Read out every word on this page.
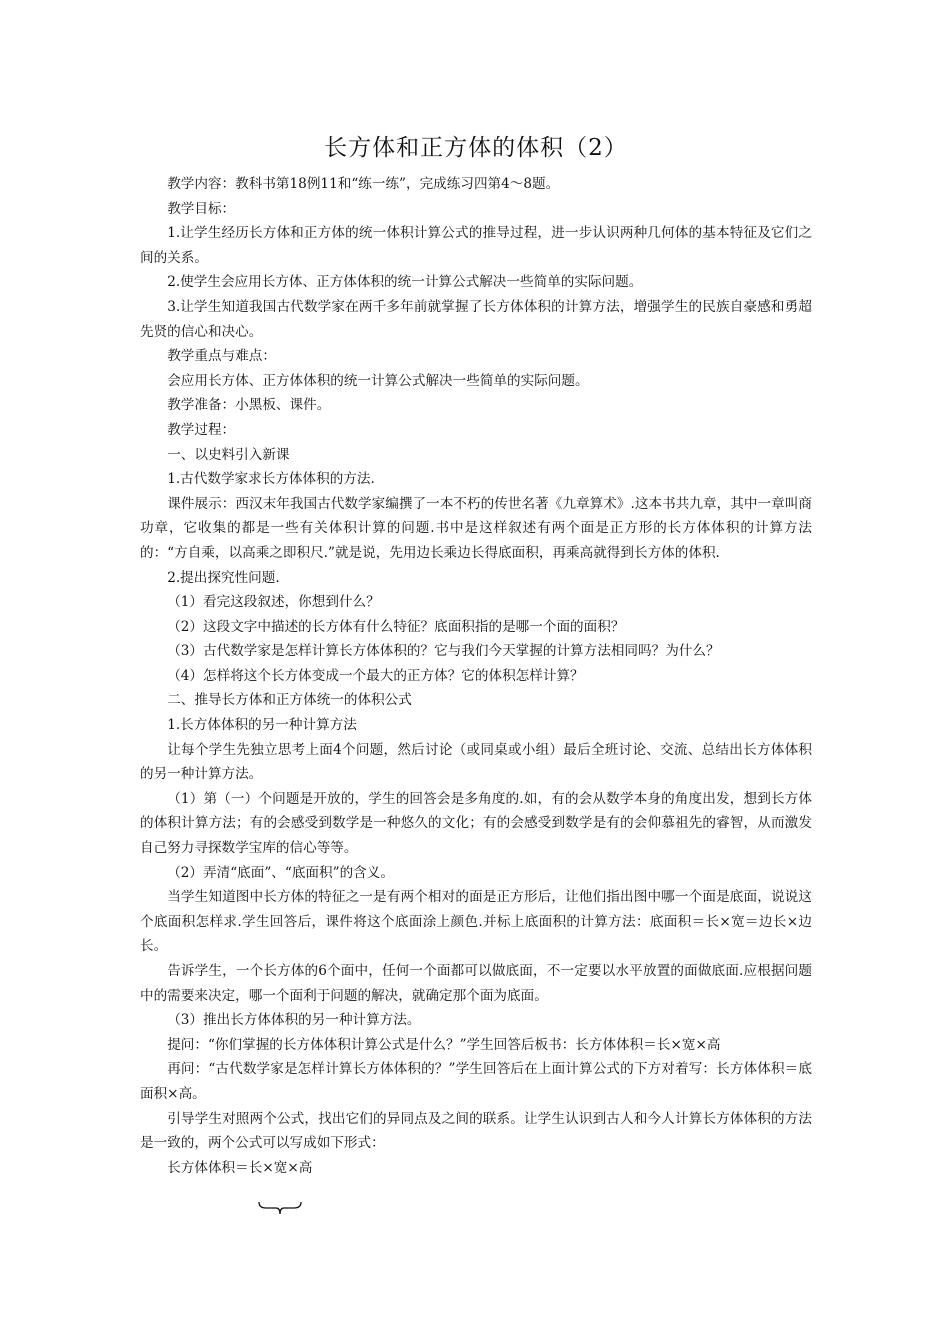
长方体和正方体的体积（2）

教学内容：教科书第18例11和“练一练”，完成练习四第4～8题。

教学目标：

1.让学生经历长方体和正方体的统一体积计算公式的推导过程，进一步认识两种几何体的基本特征及它们之间的关系。

2.使学生会应用长方体、正方体体积的统一计算公式解决一些简单的实际问题。

3.让学生知道我国古代数学家在两千多年前就掌握了长方体体积的计算方法，增强学生的民族自豪感和勇超先贤的信心和决心。

教学重点与难点：

会应用长方体、正方体体积的统一计算公式解决一些简单的实际问题。

教学准备：小黑板、课件。

教学过程：

一、以史料引入新课

1.古代数学家求长方体体积的方法.

课件展示：西汉末年我国古代数学家编撰了一本不朽的传世名著《九章算术》.这本书共九章，其中一章叫商功章，它收集的都是一些有关体积计算的问题.书中是这样叙述有两个面是正方形的长方体体积的计算方法的：“方自乘，以高乘之即积尺.”就是说，先用边长乘边长得底面积，再乘高就得到长方体的体积.

2.提出探究性问题.

（1）看完这段叙述，你想到什么？

（2）这段文字中描述的长方体有什么特征？底面积指的是哪一个面的面积？

（3）古代数学家是怎样计算长方体体积的？它与我们今天掌握的计算方法相同吗？为什么？

（4）怎样将这个长方体变成一个最大的正方体？它的体积怎样计算？

二、推导长方体和正方体统一的体积公式

1.长方体体积的另一种计算方法

让每个学生先独立思考上面4个问题，然后讨论（或同桌或小组）最后全班讨论、交流、总结出长方体体积的另一种计算方法。

（1）第（一）个问题是开放的，学生的回答会是多角度的.如，有的会从数学本身的角度出发，想到长方体的体积计算方法；有的会感受到数学是一种悠久的文化；有的会感受到数学是有的会仰慕祖先的睿智，从而激发自己努力寻探数学宝库的信心等等。

（2）弄清“底面”、“底面积”的含义。

当学生知道图中长方体的特征之一是有两个相对的面是正方形后，让他们指出图中哪一个面是底面，说说这个底面积怎样求.学生回答后，课件将这个底面涂上颜色.并标上底面积的计算方法：底面积＝长×宽＝边长×边长。

告诉学生，一个长方体的6个面中，任何一个面都可以做底面，不一定要以水平放置的面做底面.应根据问题中的需要来决定，哪一个面利于问题的解决，就确定那个面为底面。

（3）推出长方体体积的另一种计算方法。

提问：“你们掌握的长方体体积计算公式是什么？”学生回答后板书：长方体体积＝长×宽×高

再问：“古代数学家是怎样计算长方体体积的？”学生回答后在上面计算公式的下方对着写：长方体体积＝底面积×高。

引导学生对照两个公式，找出它们的异同点及之间的联系。让学生认识到古人和今人计算长方体体积的方法是一致的，两个公式可以写成如下形式：

长方体体积＝长×宽×高
